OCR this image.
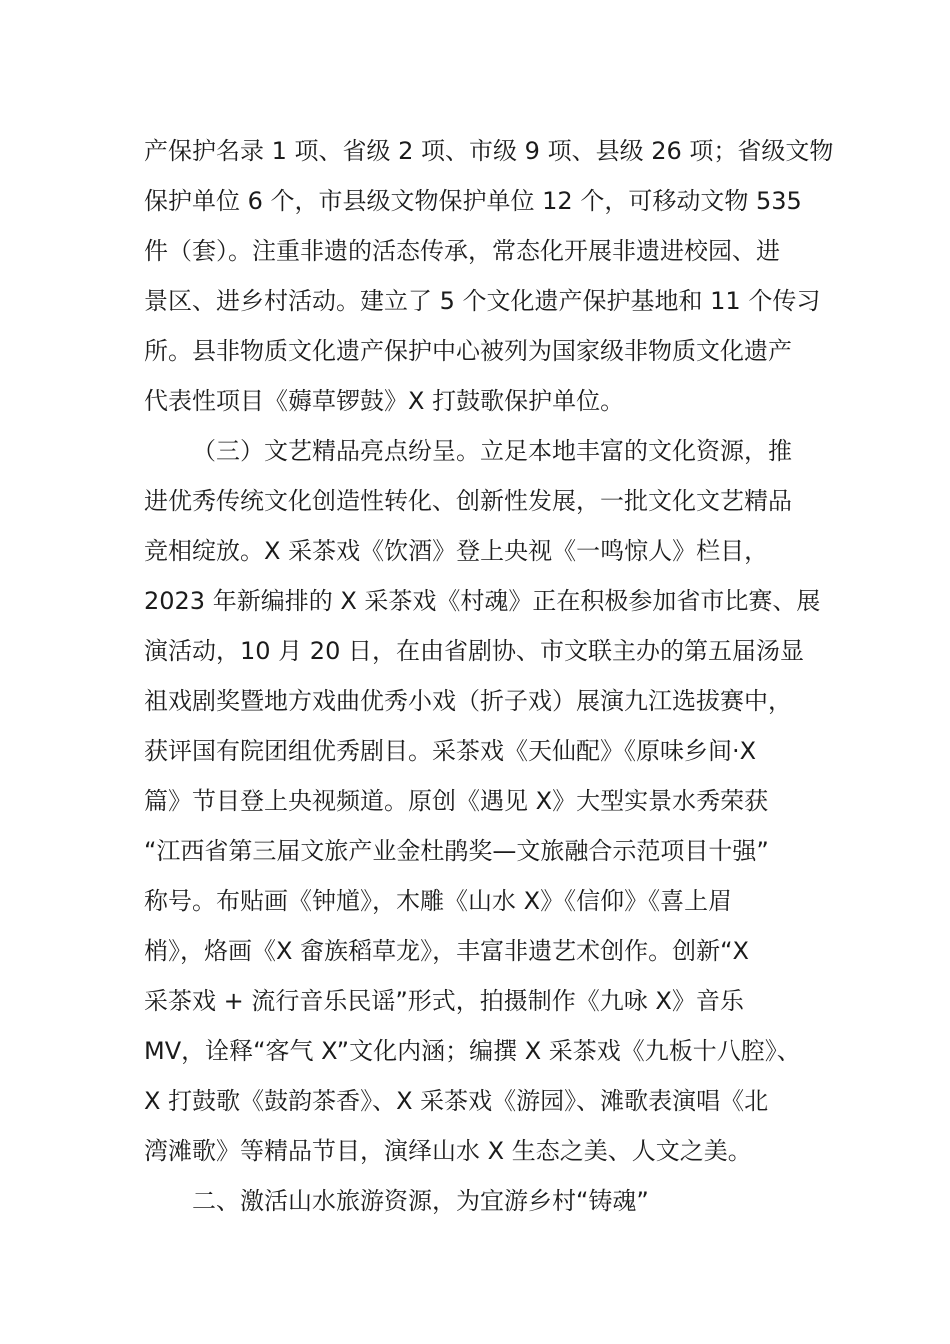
产保护名录 1 项、省级 2 项、市级 9 项、县级 26 项；省级文物

保护单位 6 个，市县级文物保护单位 12 个，可移动文物 535

件（套）。注重非遗的活态传承，常态化开展非遗进校园、进

景区、进乡村活动。建立了 5 个文化遗产保护基地和 11 个传习

所。县非物质文化遗产保护中心被列为国家级非物质文化遗产

代表性项目《薅草锣鼓》X 打鼓歌保护单位。

（三）文艺精品亮点纷呈。立足本地丰富的文化资源，推

进优秀传统文化创造性转化、创新性发展，一批文化文艺精品

竞相绽放。X 采茶戏《饮酒》登上央视《一鸣惊人》栏目，

2023 年新编排的 X 采茶戏《村魂》正在积极参加省市比赛、展

演活动，10 月 20 日，在由省剧协、市文联主办的第五届汤显

祖戏剧奖暨地方戏曲优秀小戏（折子戏）展演九江选拔赛中，

获评国有院团组优秀剧目。采茶戏《天仙配》《原味乡间·X

篇》节目登上央视频道。原创《遇见 X》大型实景水秀荣获

“江西省第三届文旅产业金杜鹃奖—文旅融合示范项目十强”

称号。布贴画《钟馗》，木雕《山水 X》《信仰》《喜上眉

梢》，烙画《X 畲族稻草龙》，丰富非遗艺术创作。创新“X

采茶戏 + 流行音乐民谣”形式，拍摄制作《九咏 X》音乐

MV，诠释“客气 X”文化内涵；编撰 X 采茶戏《九板十八腔》、

X 打鼓歌《鼓韵茶香》、X 采茶戏《游园》、滩歌表演唱《北

湾滩歌》等精品节目，演绎山水 X 生态之美、人文之美。

二、激活山水旅游资源，为宜游乡村“铸魂”
